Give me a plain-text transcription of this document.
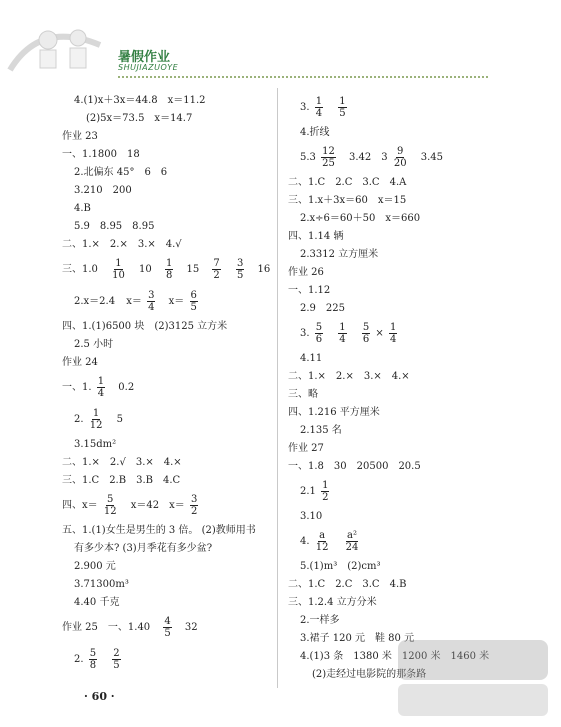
暑假作业
SHUJIAZUOYE
4.(1)x＋3x＝44.8　x＝11.2
(2)5x＝73.5　x＝14.7
作业 23
一、1.1800　18
2.北偏东 45°　6　6
3.210　200
4.B
5.9　8.95　8.95
二、1.×　2.×　3.×　4.√
三、$1.0 \frac{1}{10} 10 \frac{1}{8} 15 \frac{7}{2}$
$\frac{3}{5} 16$
2.x＝2.4 $x= \frac{3}{4} x= \frac{6}{5}$
四、1.(1)6500 块　(2)3125 立方米
2.5 小时
作业 24
一、1. $\frac{1}{4} 0.2$
2. $\frac{1}{12} 5$
3.15dm²
二、1.×　2.√　3.×　4.×
三、1.C　2.B　3.B　4.C
四、$x= \frac{5}{12} x=42$　$x= \frac{3}{2}$
五、1.(1)女生是男生的 3 倍。 (2)教师用书
有多少本? (3)月季花有多少盆?
2.900 元
3.71300m³
4.40 千克
作业 25　一、$1.40 \frac{4}{5} 32$
2. $\frac{5}{8}$
$\frac{2}{5}$
3. $\frac{1}{4}$
$\frac{1}{5}$
4.折线
$5.3 \frac{12}{25} 3.42$　$3 \frac{9}{20} 3.45$
二、1.C　2.C　3.C　4.A
三、1.x＋3x＝60　x＝15
2.x÷6＝60＋50　x＝660
四、1.14 辆
2.3312 立方厘米
作业 26
一、1.12
2.9　225
3. $\frac{5}{6}$
$\frac{1}{4}$
$\frac{5}{6} \times \frac{1}{4}$
4.11
二、1.×　2.×　3.×　4.×
三、略
四、1.216 平方厘米
2.135 名
作业 27
一、1.8　30　20500　20.5
$2.1 \frac{1}{2}$
3.10
4. $\frac{a}{12}$
$\frac{\text{a²}}{24}$
5.(1)m³　(2)cm³
二、1.C　2.C　3.C　4.B
三、1.2.4 立方分米
2.一样多
3.裙子 120 元　鞋 80 元
4.(1)3 条　1380 米　1200 米　1460 米
(2)走经过电影院的那条路
· 60 ·
